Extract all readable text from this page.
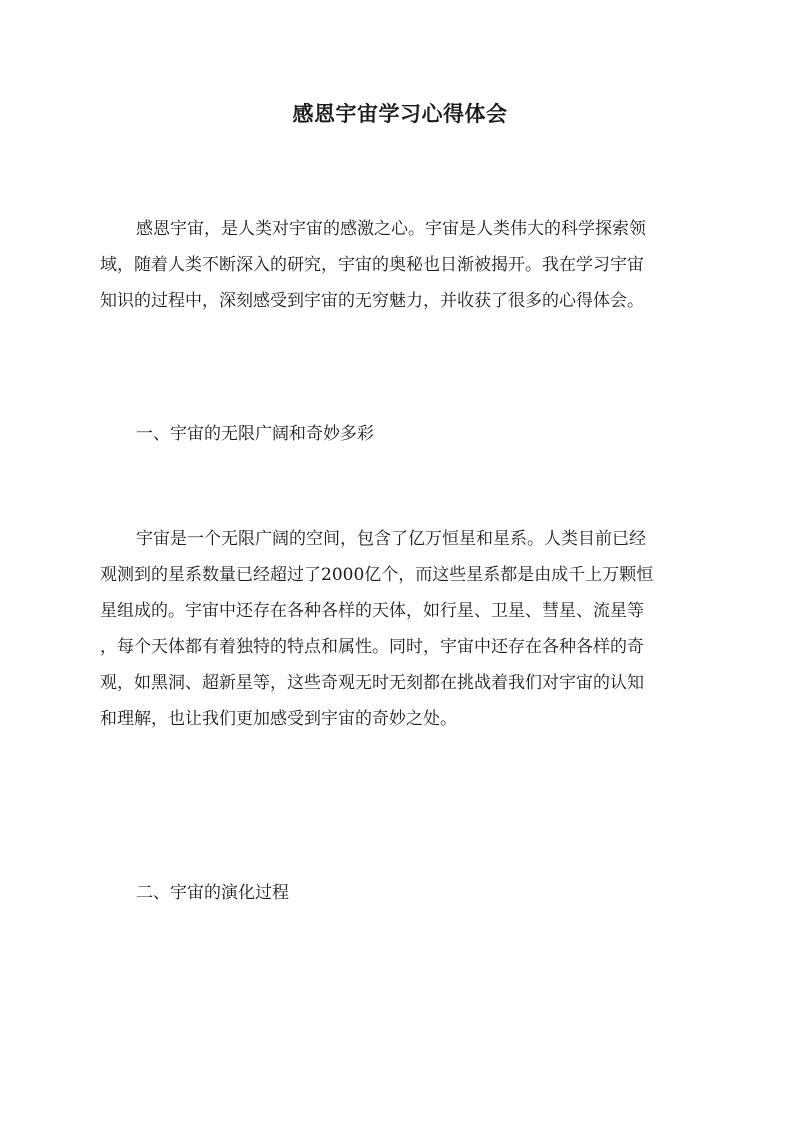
感恩宇宙学习心得体会
感恩宇宙，是人类对宇宙的感激之心。宇宙是人类伟大的科学探索领
域，随着人类不断深入的研究，宇宙的奥秘也日渐被揭开。我在学习宇宙
知识的过程中，深刻感受到宇宙的无穷魅力，并收获了很多的心得体会。
一、宇宙的无限广阔和奇妙多彩
宇宙是一个无限广阔的空间，包含了亿万恒星和星系。人类目前已经
观测到的星系数量已经超过了2000亿个，而这些星系都是由成千上万颗恒
星组成的。宇宙中还存在各种各样的天体，如行星、卫星、彗星、流星等
，每个天体都有着独特的特点和属性。同时，宇宙中还存在各种各样的奇
观，如黑洞、超新星等，这些奇观无时无刻都在挑战着我们对宇宙的认知
和理解，也让我们更加感受到宇宙的奇妙之处。
二、宇宙的演化过程
